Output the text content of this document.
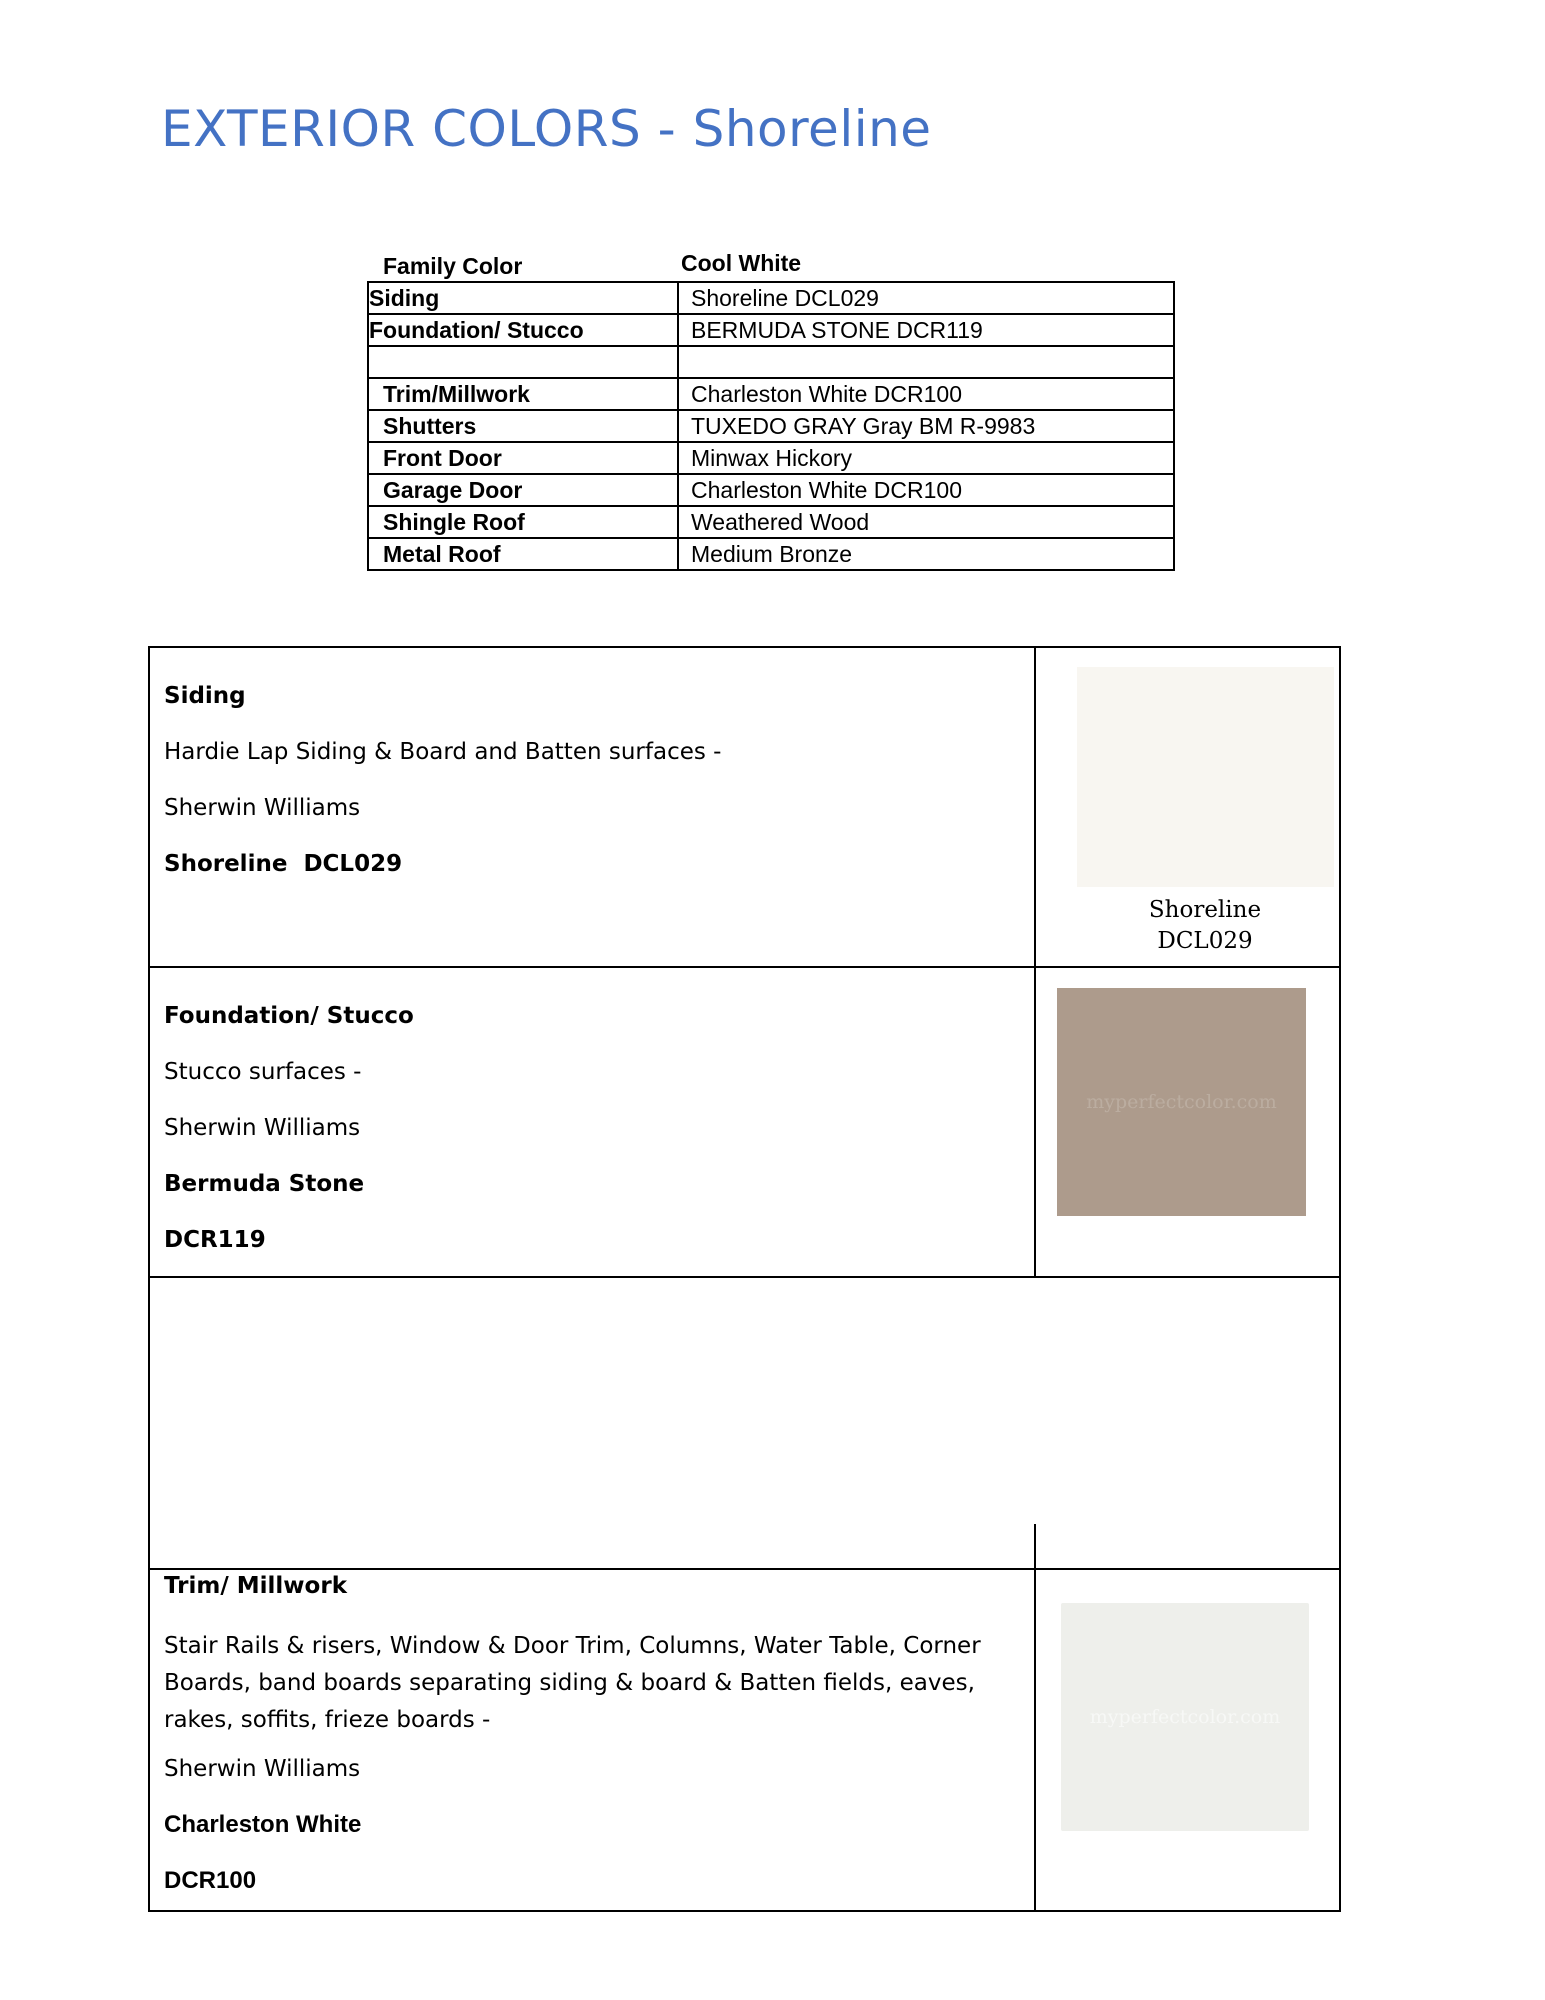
EXTERIOR COLORS - Shoreline
Family Color	Cool White
Siding	Shoreline DCL029
Foundation/ Stucco	BERMUDA STONE DCR119

Trim/Millwork	Charleston White DCR100
Shutters	TUXEDO GRAY Gray BM R-9983
Front Door	Minwax Hickory
Garage Door	Charleston White DCR100
Shingle Roof	Weathered Wood
Metal Roof	Medium Bronze

Siding

Hardie Lap Siding & Board and Batten surfaces -

Sherwin Williams

Shoreline  DCL029

Foundation/ Stucco

Stucco surfaces -

Sherwin Williams

Bermuda Stone

DCR119

Trim/ Millwork

Stair Rails & risers, Window & Door Trim, Columns, Water Table, Corner Boards, band boards separating siding & board & Batten fields, eaves, rakes, soffits, frieze boards -

Sherwin Williams

Charleston White

DCR100

Shoreline
DCL029
myperfectcolor.com
myperfectcolor.com
